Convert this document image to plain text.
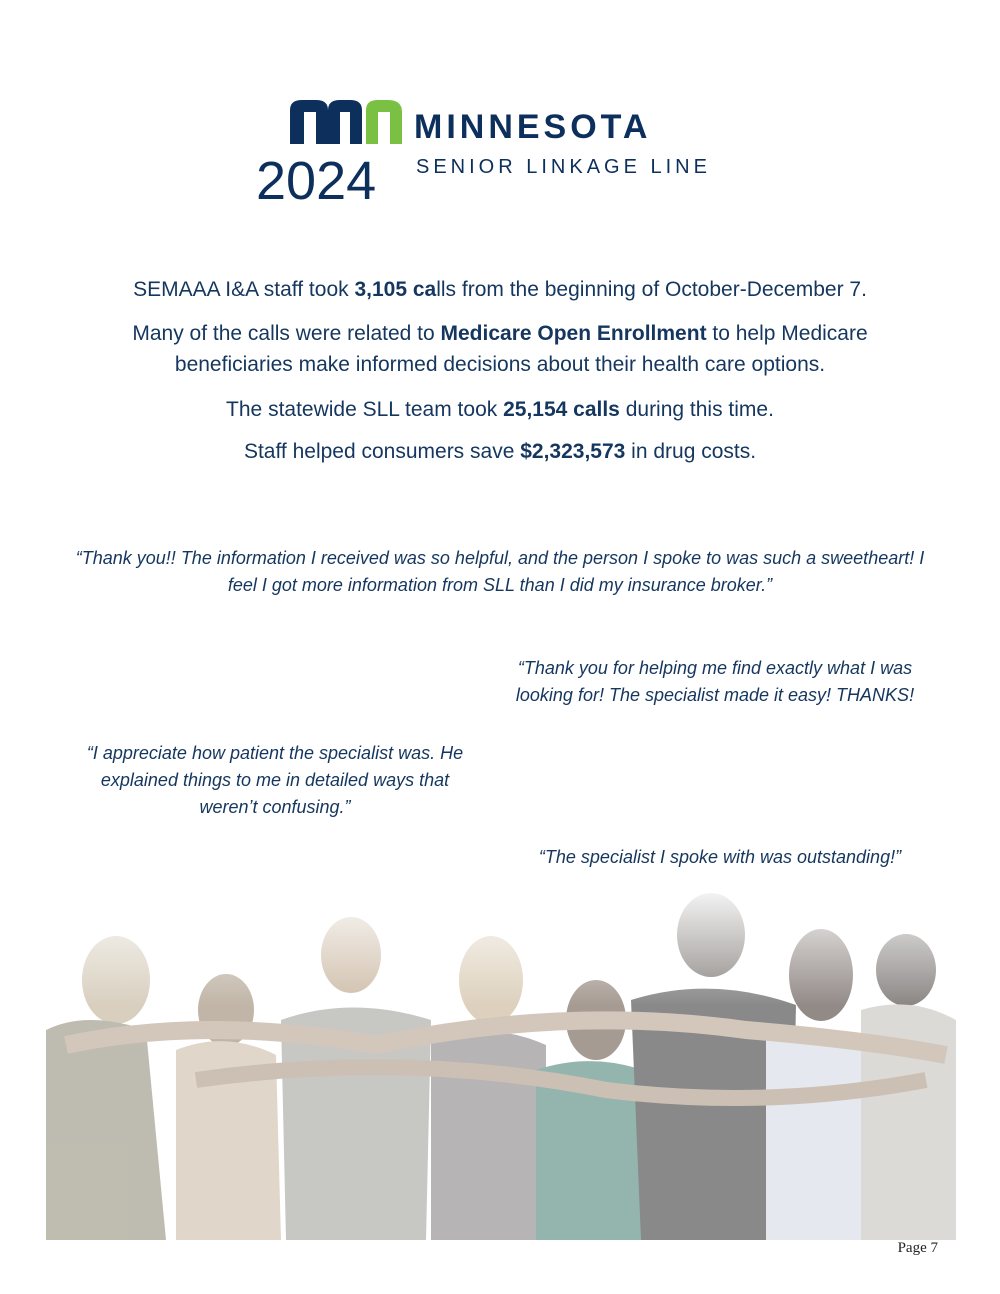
MINNESOTA
SENIOR LINKAGE LINE
2024
SEMAAA I&A staff took 3,105 calls from the beginning of October-December 7.
Many of the calls were related to Medicare Open Enrollment to help Medicare beneficiaries make informed decisions about their health care options.
The statewide SLL team took 25,154 calls during this time.
Staff helped consumers save $2,323,573 in drug costs.
“Thank you!! The information I received was so helpful, and the person I spoke to was such a sweetheart! I feel I got more information from SLL than I did my insurance broker.”
“Thank you for helping me find exactly what I was looking for! The specialist made it easy! THANKS!
“I appreciate how patient the specialist was. He explained things to me in detailed ways that weren’t confusing.”
“The specialist I spoke with was outstanding!”
Page 7
